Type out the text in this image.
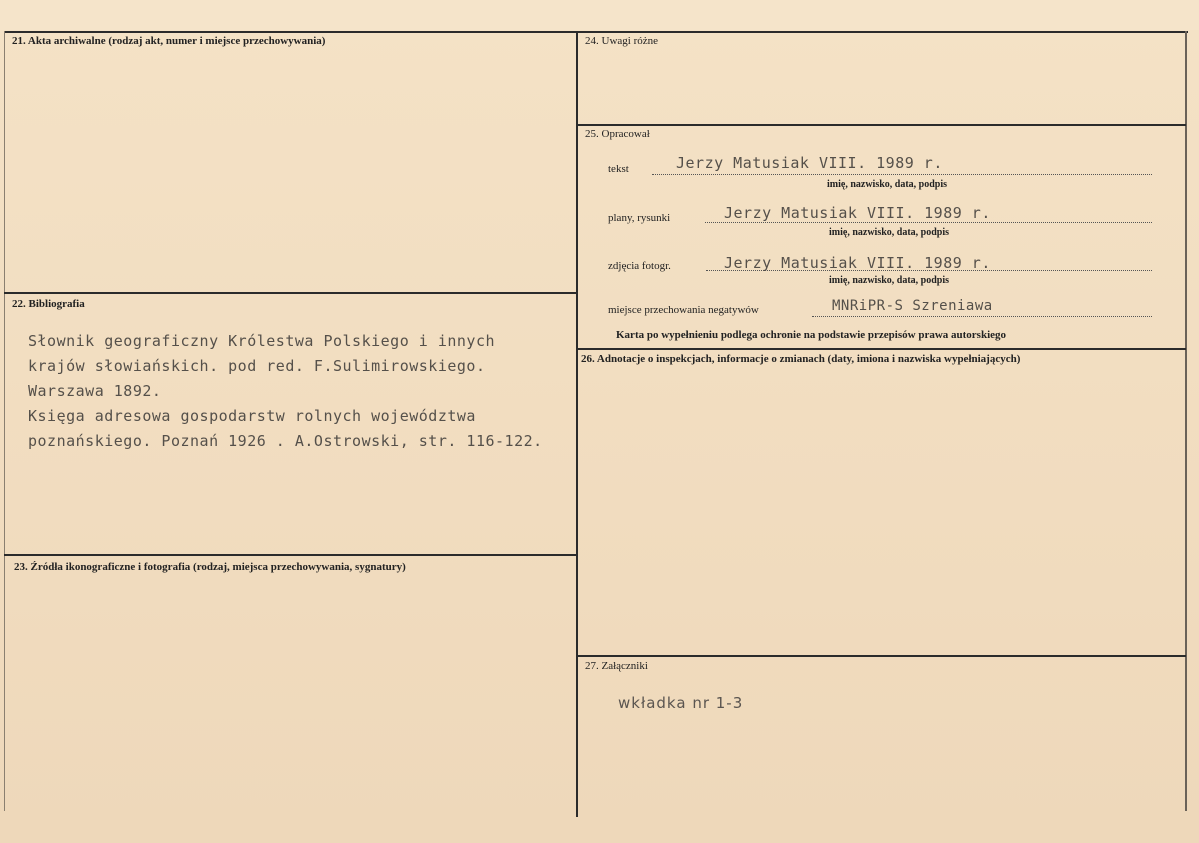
21. Akta archiwalne (rodzaj akt, numer i miejsce przechowywania)
22. Bibliografia
Słownik geograficzny Królestwa Polskiego i innych
krajów słowiańskich. pod red. F.Sulimirowskiego.
Warszawa 1892.
Księga adresowa gospodarstw rolnych województwa
poznańskiego. Poznań 1926 . A.Ostrowski, str. 116-122.
23. Źródła ikonograficzne i fotografia (rodzaj, miejsca przechowywania, sygnatury)
24. Uwagi różne
25. Opracował
tekst	Jerzy Matusiak VIII. 1989 r.
imię, nazwisko, data, podpis
plany, rysunki	Jerzy Matusiak VIII. 1989 r.
imię, nazwisko, data, podpis
zdjęcia fotogr.	Jerzy Matusiak VIII. 1989 r.
imię, nazwisko, data, podpis
miejsce przechowania negatywów	MNRiPR-S Szreniawa
Karta po wypełnieniu podlega ochronie na podstawie przepisów prawa autorskiego
26. Adnotacje o inspekcjach, informacje o zmianach (daty, imiona i nazwiska wypełniających)
27. Załączniki
wkładka nr 1-3
